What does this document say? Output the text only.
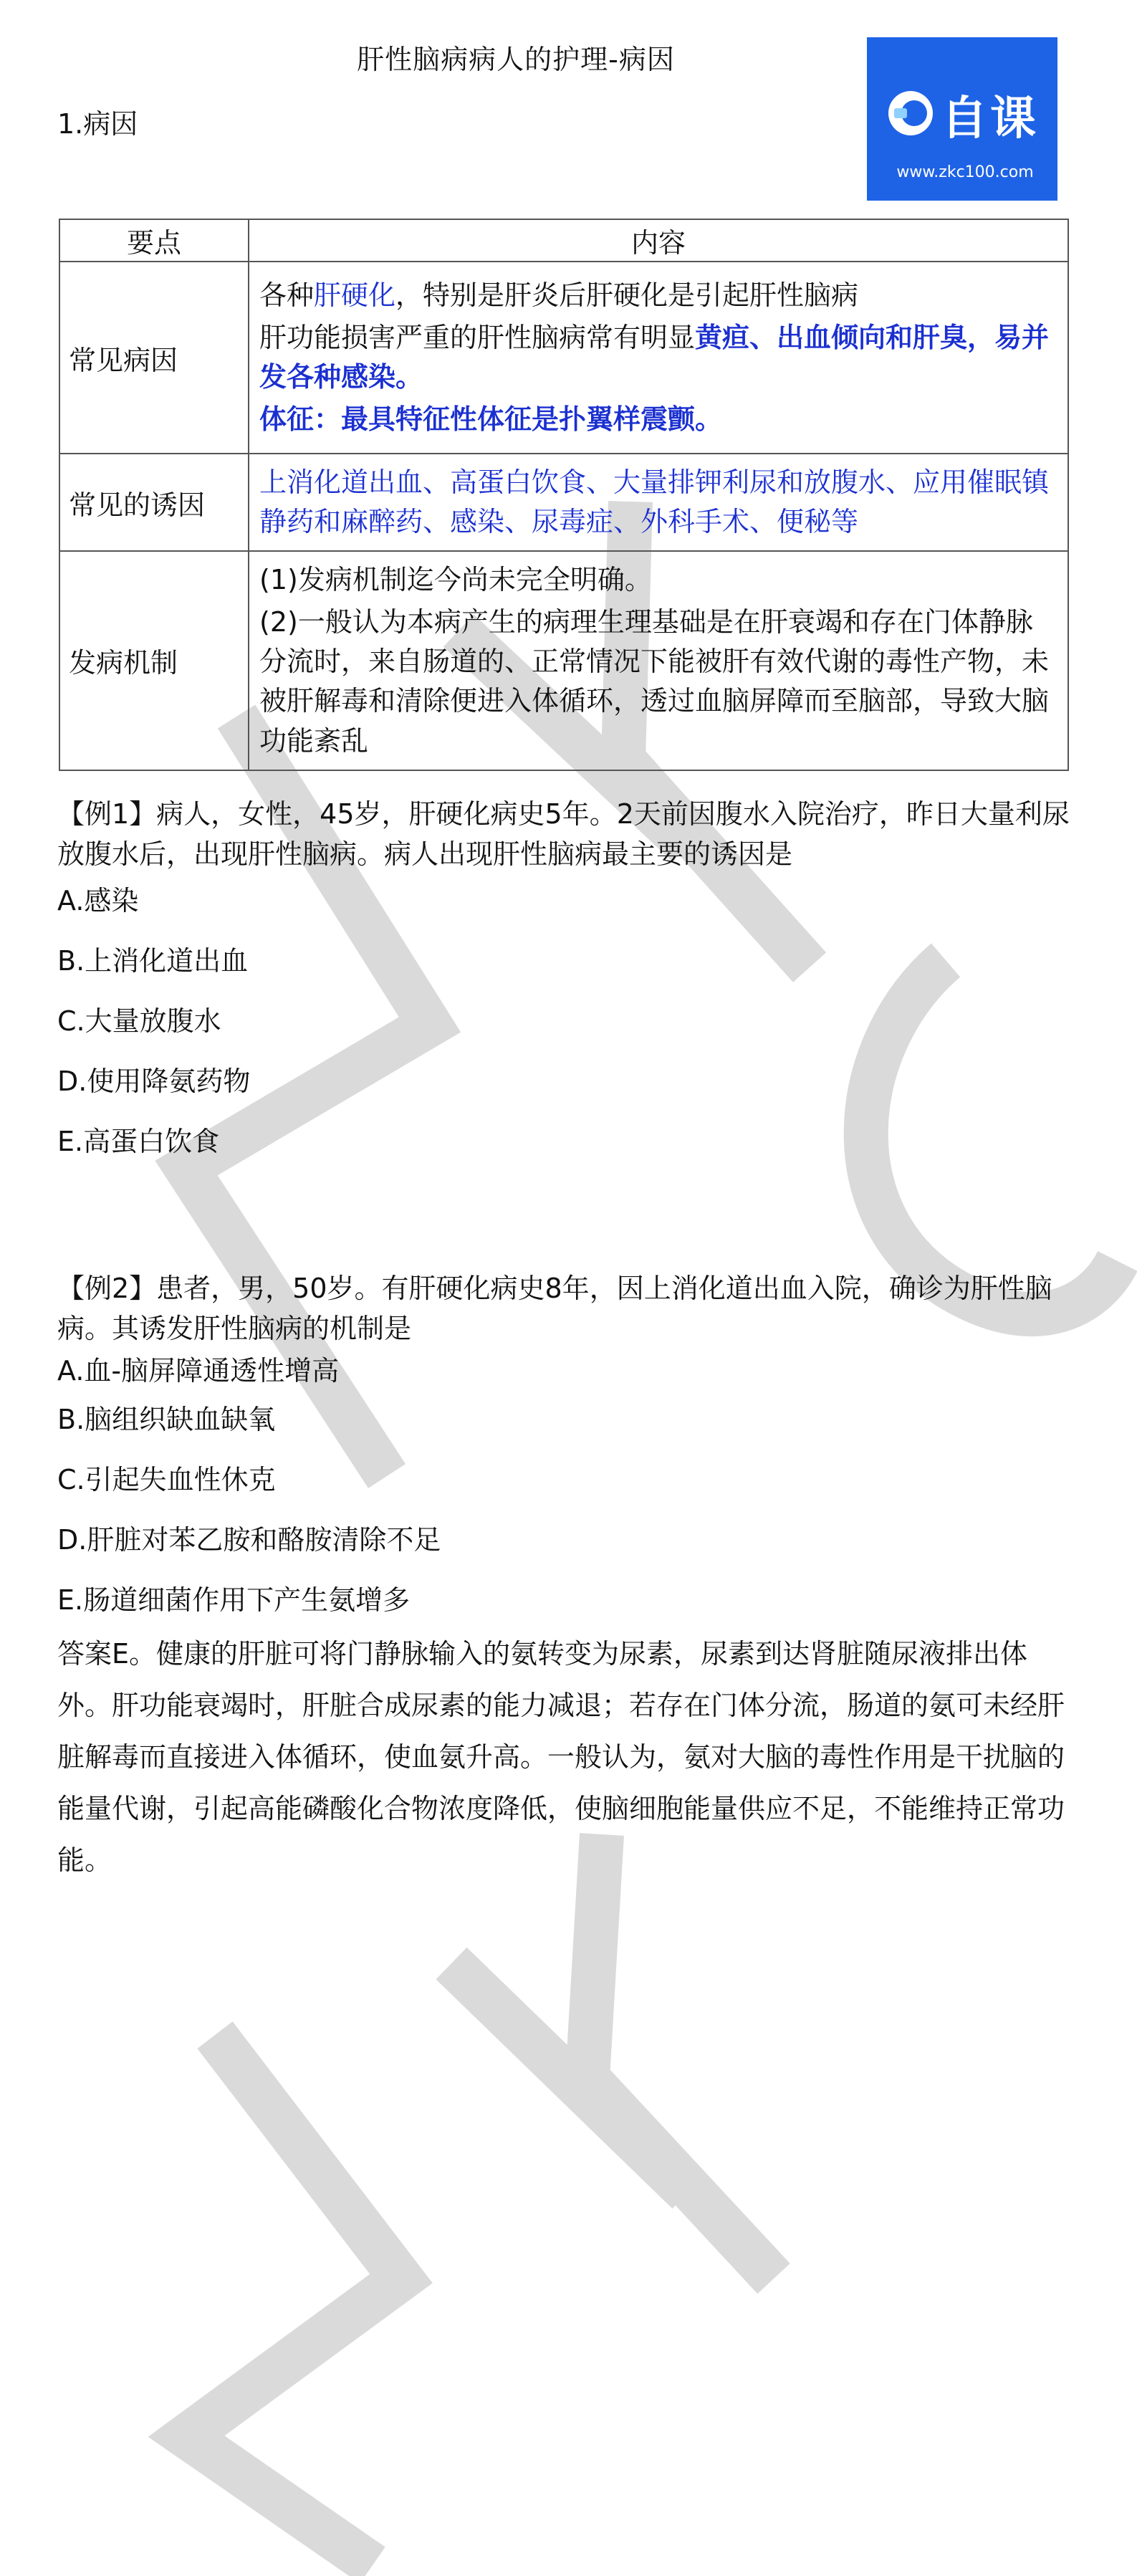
肝性脑病病人的护理-病因
1.病因	自课
www.zkc100.com
要点	内容
常见病因	各种肝硬化，特别是肝炎后肝硬化是引起肝性脑病
肝功能损害严重的肝性脑病常有明显黄疸、出血倾向和肝臭，易并发各种感染。
体征：最具特征性体征是扑翼样震颤。

常见的诱因	上消化道出血、高蛋白饮食、大量排钾利尿和放腹水、应用催眠镇静药和麻醉药、感染、尿毒症、外科手术、便秘等

发病机制	(1)发病机制迄今尚未完全明确。
(2)一般认为本病产生的病理生理基础是在肝衰竭和存在门体静脉分流时，来自肠道的、正常情况下能被肝有效代谢的毒性产物，未被肝解毒和清除便进入体循环，透过血脑屏障而至脑部，导致大脑功能紊乱
【例1】病人，女性，45岁，肝硬化病史5年。2天前因腹水入院治疗，昨日大量利尿放腹水后，出现肝性脑病。病人出现肝性脑病最主要的诱因是
A.感染
B.上消化道出血
C.大量放腹水
D.使用降氨药物
E.高蛋白饮食
【例2】患者，男，50岁。有肝硬化病史8年，因上消化道出血入院，确诊为肝性脑病。其诱发肝性脑病的机制是
A.血-脑屏障通透性增高
B.脑组织缺血缺氧
C.引起失血性休克
D.肝脏对苯乙胺和酪胺清除不足
E.肠道细菌作用下产生氨增多
答案E。健康的肝脏可将门静脉输入的氨转变为尿素，尿素到达肾脏随尿液排出体外。肝功能衰竭时，肝脏合成尿素的能力减退；若存在门体分流，肠道的氨可未经肝脏解毒而直接进入体循环，使血氨升高。一般认为，氨对大脑的毒性作用是干扰脑的能量代谢，引起高能磷酸化合物浓度降低，使脑细胞能量供应不足，不能维持正常功能。
